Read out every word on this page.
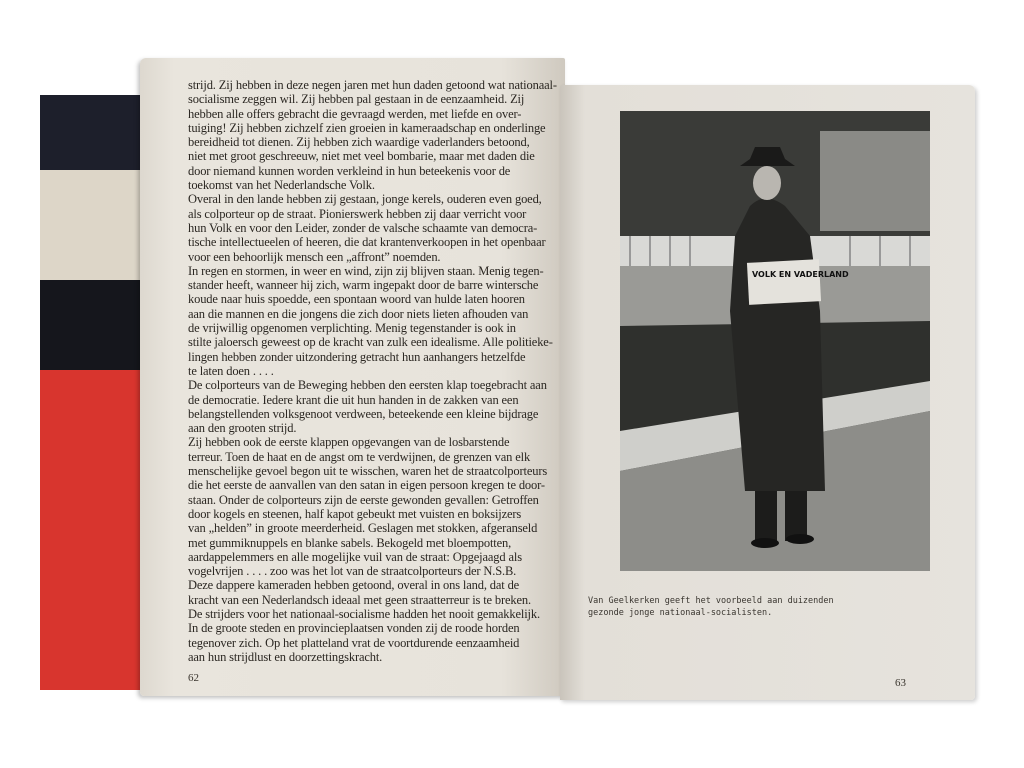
strijd. Zij hebben in deze negen jaren met hun daden getoond wat nationaal-

socialisme zeggen wil. Zij hebben pal gestaan in de eenzaamheid. Zij

hebben alle offers gebracht die gevraagd werden, met liefde en over-

tuiging! Zij hebben zichzelf zien groeien in kameraadschap en onderlinge

bereidheid tot dienen. Zij hebben zich waardige vaderlanders betoond,

niet met groot geschreeuw, niet met veel bombarie, maar met daden die

door niemand kunnen worden verkleind in hun beteekenis voor de

toekomst van het Nederlandsche Volk.

Overal in den lande hebben zij gestaan, jonge kerels, ouderen even goed,

als colporteur op de straat. Pionierswerk hebben zij daar verricht voor

hun Volk en voor den Leider, zonder de valsche schaamte van democra-

tische intellectueelen of heeren, die dat krantenverkoopen in het openbaar

voor een behoorlijk mensch een „affront” noemden.

In regen en stormen, in weer en wind, zijn zij blijven staan. Menig tegen-

stander heeft, wanneer hij zich, warm ingepakt door de barre wintersche

koude naar huis spoedde, een spontaan woord van hulde laten hooren

aan die mannen en die jongens die zich door niets lieten afhouden van

de vrijwillig opgenomen verplichting. Menig tegenstander is ook in

stilte jaloersch geweest op de kracht van zulk een idealisme. Alle politieke-

lingen hebben zonder uitzondering getracht hun aanhangers hetzelfde

te laten doen . . . .

De colporteurs van de Beweging hebben den eersten klap toegebracht aan

de democratie. Iedere krant die uit hun handen in de zakken van een

belangstellenden volksgenoot verdween, beteekende een kleine bijdrage

aan den grooten strijd.

Zij hebben ook de eerste klappen opgevangen van de losbarstende

terreur. Toen de haat en de angst om te verdwijnen, de grenzen van elk

menschelijke gevoel begon uit te wisschen, waren het de straatcolporteurs

die het eerste de aanvallen van den satan in eigen persoon kregen te door-

staan. Onder de colporteurs zijn de eerste gewonden gevallen: Getroffen

door kogels en steenen, half kapot gebeukt met vuisten en boksijzers

van „helden” in groote meerderheid. Geslagen met stokken, afgeranseld

met gummiknuppels en blanke sabels. Bekogeld met bloempotten,

aardappelemmers en alle mogelijke vuil van de straat: Opgejaagd als

vogelvrijen . . . . zoo was het lot van de straatcolporteurs der N.S.B.

Deze dappere kameraden hebben getoond, overal in ons land, dat de

kracht van een Nederlandsch ideaal met geen straatterreur is te breken.

De strijders voor het nationaal-socialisme hadden het nooit gemakkelijk.

In de groote steden en provincieplaatsen vonden zij de roode horden

tegenover zich. Op het platteland vrat de voortdurende eenzaamheid

aan hun strijdlust en doorzettingskracht.

62
VOLK EN VADERLAND
Van Geelkerken geeft het voorbeeld aan duizenden
gezonde jonge nationaal-socialisten.
63
